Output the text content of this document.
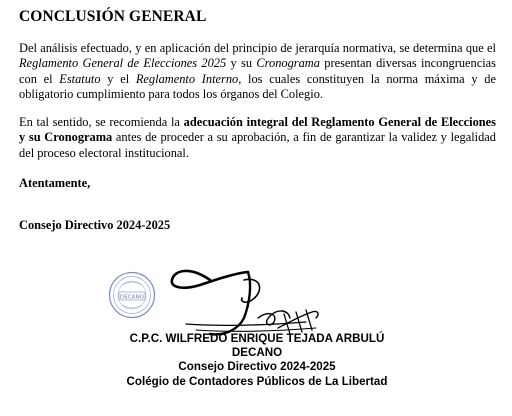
CONCLUSIÓN GENERAL

Del análisis efectuado, y en aplicación del principio de jerarquía normativa, se determina que el Reglamento General de Elecciones 2025 y su Cronograma presentan diversas incongruencias con el Estatuto y el Reglamento Interno, los cuales constituyen la norma máxima y de obligatorio cumplimiento para todos los órganos del Colegio.

En tal sentido, se recomienda la adecuación integral del Reglamento General de Elecciones y su Cronograma antes de proceder a su aprobación, a fin de garantizar la validez y legalidad del proceso electoral institucional.

Atentamente,
Consejo Directivo 2024-2025
DECANO
C.P.C. WILFREDO ENRIQUE TEJADA ARBULÚ
DECANO
Consejo Directivo 2024-2025
Colégio de Contadores Públicos de La Libertad
